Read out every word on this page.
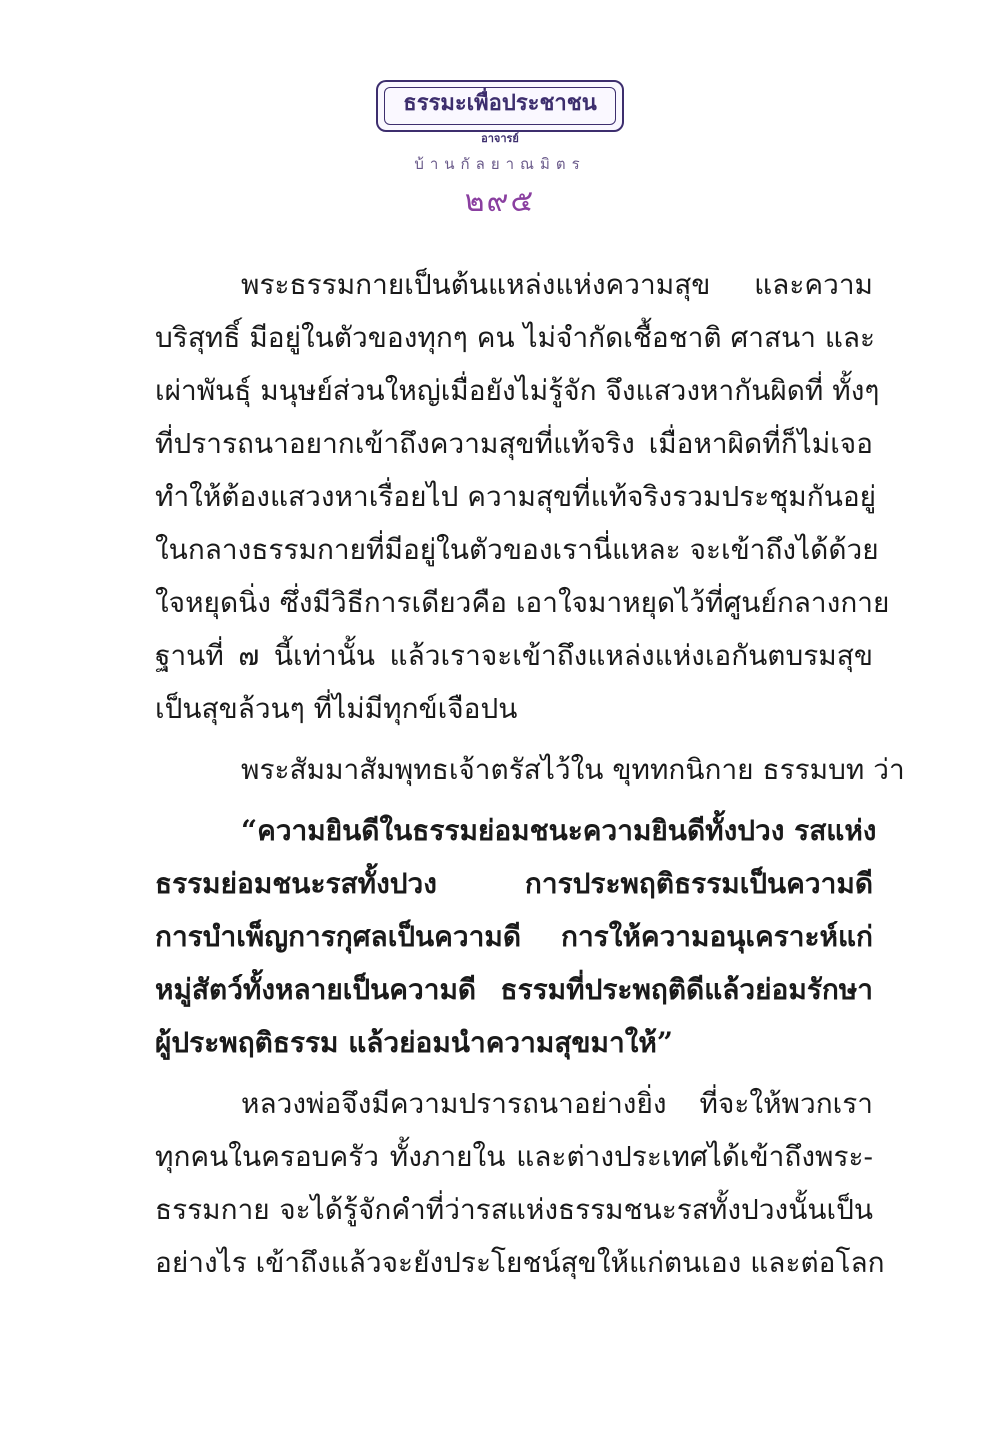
ธรรมะเพื่อประชาชน
อาจารย์
บ้านกัลยาณมิตร
๒๙๕
พระธรรมกายเป็นต้นแหล่งแห่งความสุข และความ
บริสุทธิ์ มีอยู่ในตัวของทุกๆ คน ไม่จำกัดเชื้อชาติ ศาสนา และ
เผ่าพันธุ์ มนุษย์ส่วนใหญ่เมื่อยังไม่รู้จัก จึงแสวงหากันผิดที่ ทั้งๆ
ที่ปรารถนาอยากเข้าถึงความสุขที่แท้จริง เมื่อหาผิดที่ก็ไม่เจอ
ทำให้ต้องแสวงหาเรื่อยไป ความสุขที่แท้จริงรวมประชุมกันอยู่
ในกลางธรรมกายที่มีอยู่ในตัวของเรานี่แหละ จะเข้าถึงได้ด้วย
ใจหยุดนิ่ง ซึ่งมีวิธีการเดียวคือ เอาใจมาหยุดไว้ที่ศูนย์กลางกาย
ฐานที่ ๗ นี้เท่านั้น แล้วเราจะเข้าถึงแหล่งแห่งเอกันตบรมสุข
เป็นสุขล้วนๆ ที่ไม่มีทุกข์เจือปน
พระสัมมาสัมพุทธเจ้าตรัสไว้ใน ขุททกนิกาย ธรรมบท ว่า
“ความยินดีในธรรมย่อมชนะความยินดีทั้งปวง รสแห่ง
ธรรมย่อมชนะรสทั้งปวง การประพฤติธรรมเป็นความดี
การบำเพ็ญการกุศลเป็นความดี การให้ความอนุเคราะห์แก่
หมู่สัตว์ทั้งหลายเป็นความดี ธรรมที่ประพฤติดีแล้วย่อมรักษา
ผู้ประพฤติธรรม แล้วย่อมนำความสุขมาให้”
หลวงพ่อจึงมีความปรารถนาอย่างยิ่ง ที่จะให้พวกเรา
ทุกคนในครอบครัว ทั้งภายใน และต่างประเทศได้เข้าถึงพระ-
ธรรมกาย จะได้รู้จักคำที่ว่ารสแห่งธรรมชนะรสทั้งปวงนั้นเป็น
อย่างไร เข้าถึงแล้วจะยังประโยชน์สุขให้แก่ตนเอง และต่อโลก
